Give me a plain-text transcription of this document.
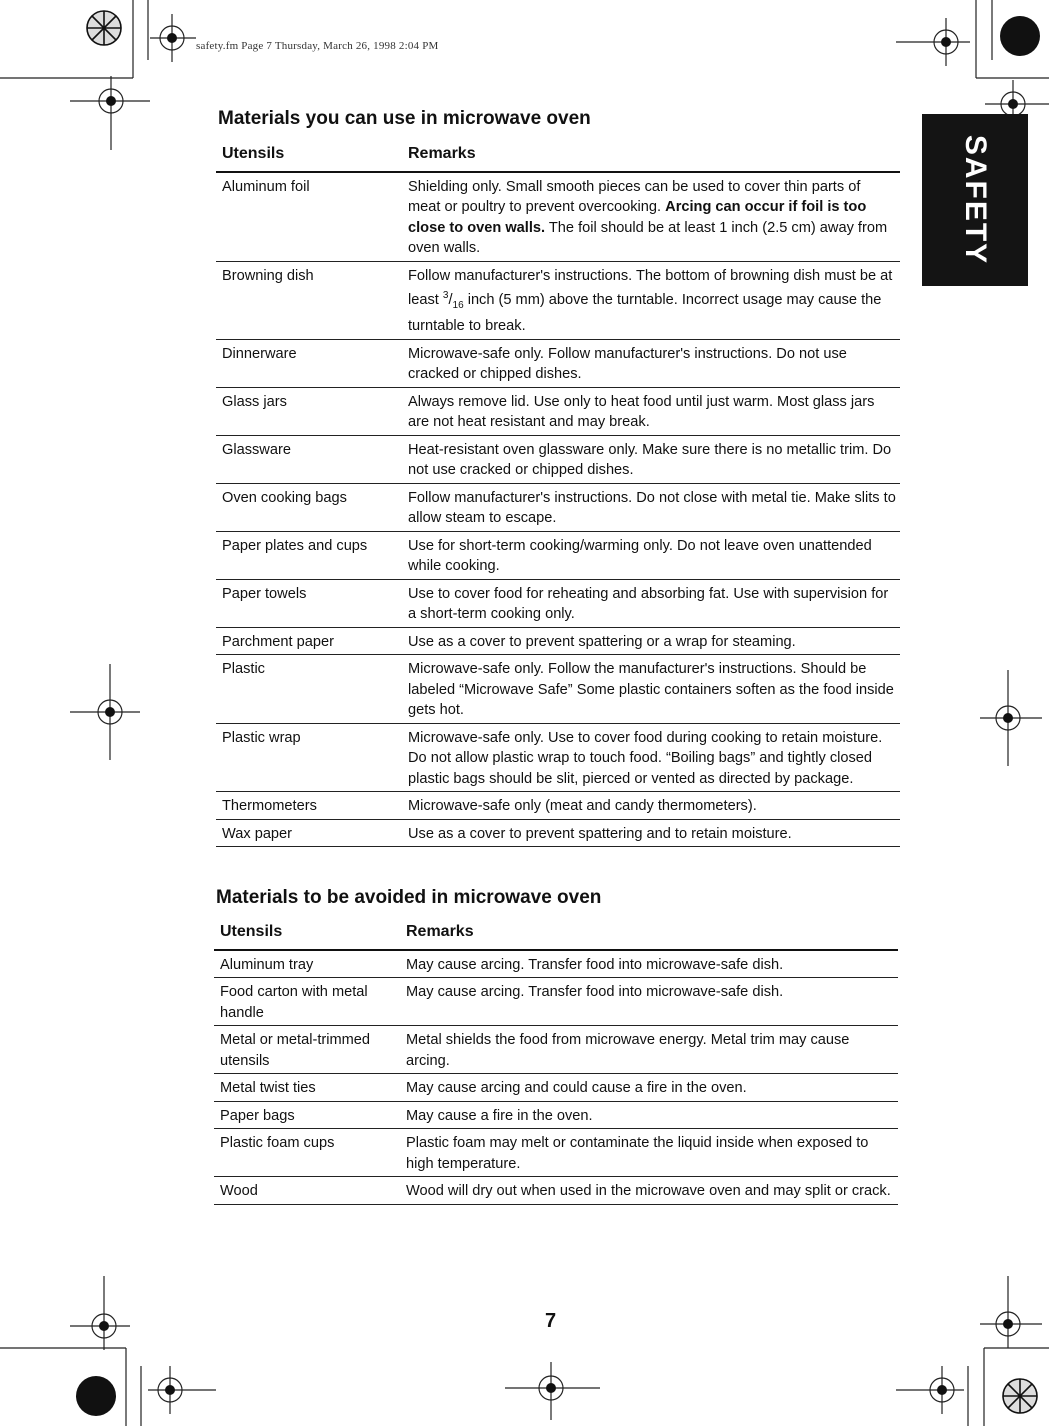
safety.fm Page 7 Thursday, March 26, 1998 2:04 PM
SAFETY
Materials you can use in microwave oven
Utensils	Remarks
Aluminum foil	Shielding only. Small smooth pieces can be used to cover thin parts of meat or poultry to prevent overcooking. Arcing can occur if foil is too close to oven walls. The foil should be at least 1 inch (2.5 cm) away from oven walls.
Browning dish	Follow manufacturer's instructions. The bottom of browning dish must be at least $^3/_{16}$ inch (5 mm) above the turntable. Incorrect usage may cause the turntable to break.
Dinnerware	Microwave-safe only. Follow manufacturer's instructions. Do not use cracked or chipped dishes.
Glass jars	Always remove lid. Use only to heat food until just warm. Most glass jars are not heat resistant and may break.
Glassware	Heat-resistant oven glassware only. Make sure there is no metallic trim. Do not use cracked or chipped dishes.
Oven cooking bags	Follow manufacturer's instructions. Do not close with metal tie. Make slits to allow steam to escape.
Paper plates and cups	Use for short-term cooking/warming only. Do not leave oven unattended while cooking.
Paper towels	Use to cover food for reheating and absorbing fat. Use with supervision for a short-term cooking only.
Parchment paper	Use as a cover to prevent spattering or a wrap for steaming.
Plastic	Microwave-safe only. Follow the manufacturer's instructions. Should be labeled “Microwave Safe” Some plastic containers soften as the food inside gets hot.
Plastic wrap	Microwave-safe only. Use to cover food during cooking to retain moisture. Do not allow plastic wrap to touch food. “Boiling bags” and tightly closed plastic bags should be slit, pierced or vented as directed by package.
Thermometers	Microwave-safe only (meat and candy thermometers).
Wax paper	Use as a cover to prevent spattering and to retain moisture.
Materials to be avoided in microwave oven
Utensils	Remarks
Aluminum tray	May cause arcing. Transfer food into microwave-safe dish.
Food carton with metal handle	May cause arcing. Transfer food into microwave-safe dish.
Metal or metal-trimmed utensils	Metal shields the food from microwave energy. Metal trim may cause arcing.
Metal twist ties	May cause arcing and could cause a fire in the oven.
Paper bags	May cause a fire in the oven.
Plastic foam cups	Plastic foam may melt or contaminate the liquid inside when exposed to high temperature.
Wood	Wood will dry out when used in the microwave oven and may split or crack.
7
